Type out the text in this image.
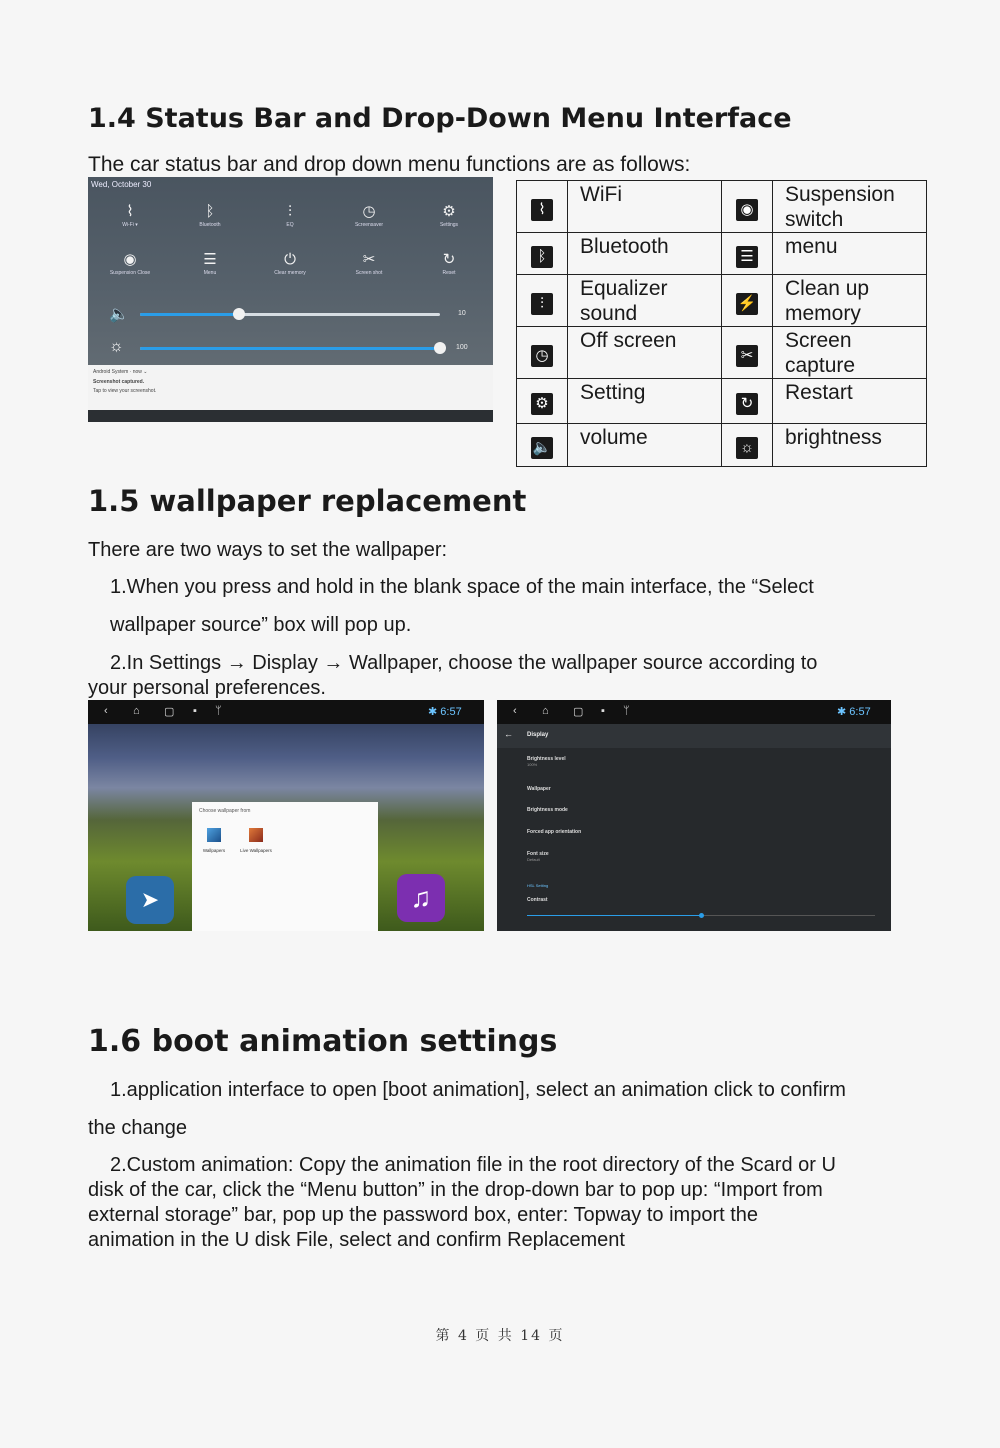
1.4 Status Bar and Drop-Down Menu Interface

The car status bar and drop down menu functions are as follows:

Wed, October 30
⌇
Wi-Fi ▾
ᛒ
Bluetooth
⫶
EQ
◷
Screensaver
⚙
Settings
◉
Suspension Close
☰
Menu
⏻
Clear memory
✂
Screen shot
↻
Reset
🔈	10
☼	100
Android System · now ⌄
Screenshot captured.
Tap to view your screenshot.
⌇	WiFi	◉	Suspension switch
ᛒ	Bluetooth	☰	menu
⫶	Equalizer sound	⚡	Clean up memory
◷	Off screen	✂	Screen capture
⚙	Setting	↻	Restart
🔈	volume	☼	brightness
1.5 wallpaper replacement

There are two ways to set the wallpaper:

1.When you press and hold in the blank space of the main interface, the “Select

wallpaper source” box will pop up.

2.In Settings → Display → Wallpaper, choose the wallpaper source according to

your personal preferences.

‹ ⌂ ▢ ▪ ᛘ	✱ 6:57
➤
Choose wallpaper from
Wallpapers	Live Wallpapers
♫
‹ ⌂ ▢ ▪ ᛘ	✱ 6:57
← Display
Brightness level
100%
Wallpaper
Brightness mode
Forced app orientation
Font size
Default
HSL Setting
Contrast
1.6 boot animation settings

1.application interface to open [boot animation], select an animation click to confirm

the change

2.Custom animation: Copy the animation file in the root directory of the Scard or U

disk of the car, click the “Menu button” in the drop-down bar to pop up: “Import from

external storage” bar, pop up the password box, enter: Topway to import the

animation in the U disk File, select and confirm Replacement

第 4 页 共 14 页
